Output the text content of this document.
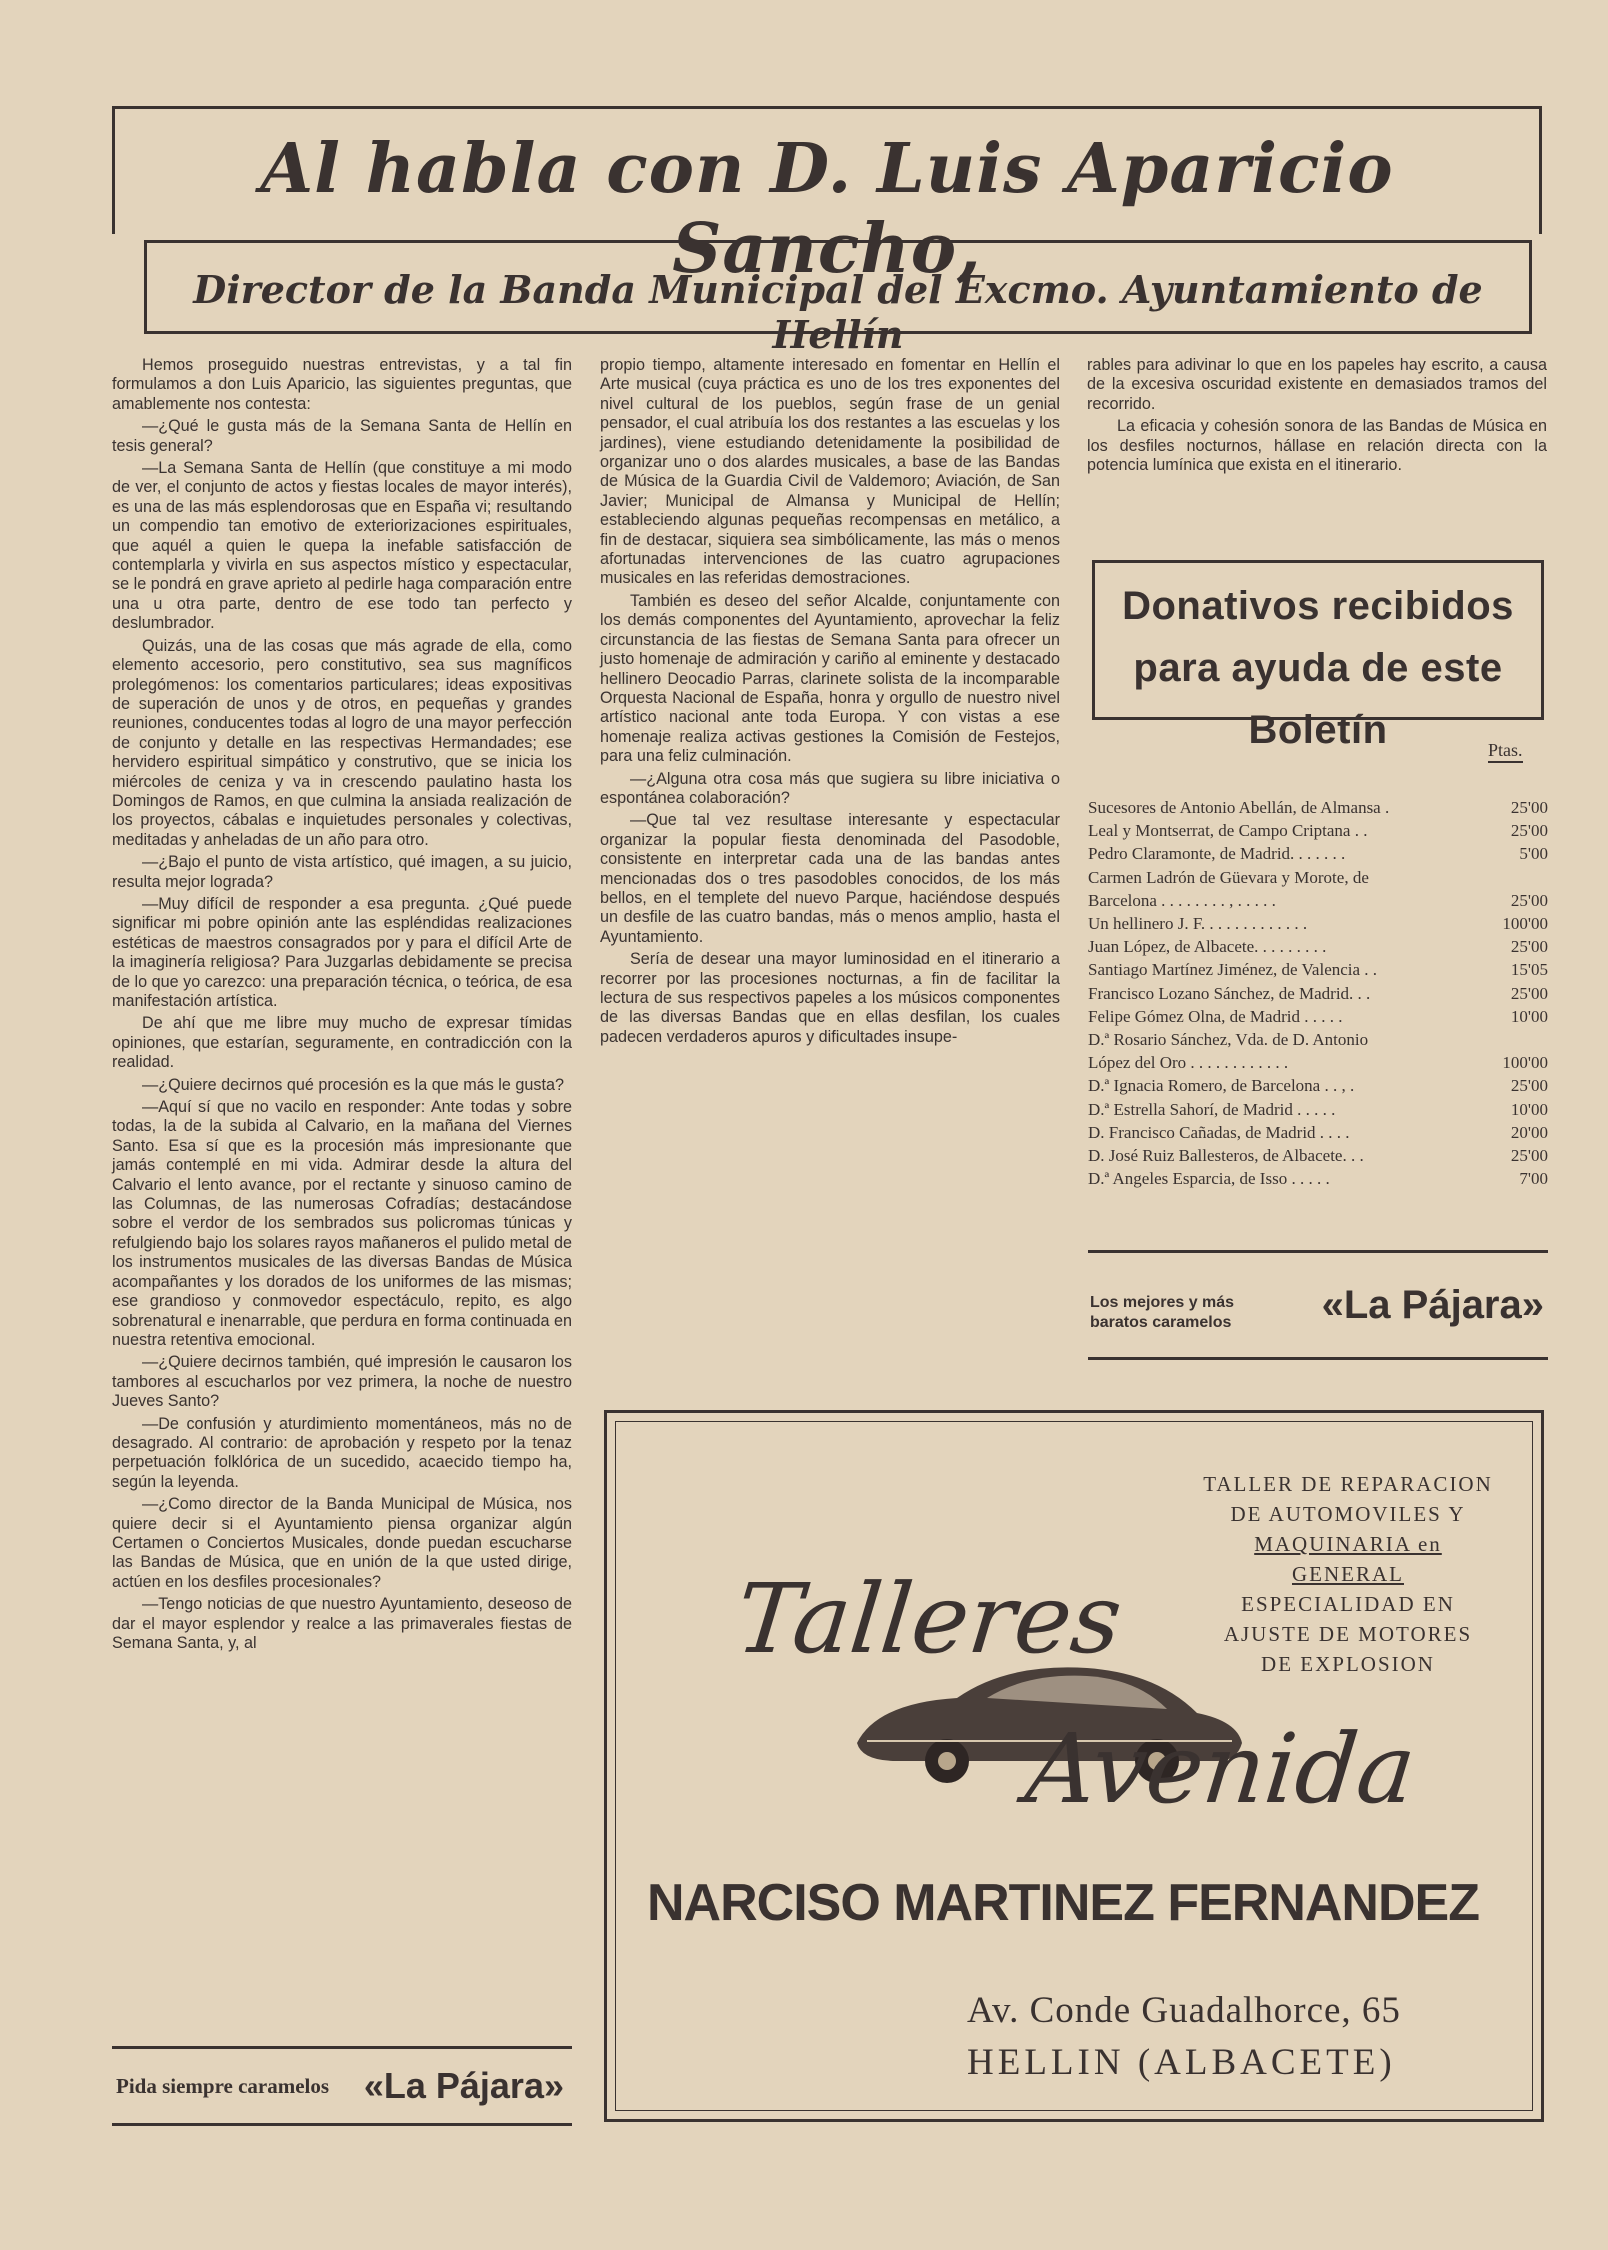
Al habla con D. Luis Aparicio Sancho,
Director de la Banda Municipal del Excmo. Ayuntamiento de Hellín

Hemos proseguido nuestras entrevistas, y a tal fin formulamos a don Luis Aparicio, las siguientes preguntas, que amablemente nos contesta:

—¿Qué le gusta más de la Semana Santa de Hellín en tesis general?

—La Semana Santa de Hellín (que constituye a mi modo de ver, el conjunto de actos y fiestas locales de mayor interés), es una de las más esplendorosas que en España vi; resultando un compendio tan emotivo de exteriorizaciones espirituales, que aquél a quien le quepa la inefable satisfacción de contemplarla y vivirla en sus aspectos místico y espectacular, se le pondrá en grave aprieto al pedirle haga comparación entre una u otra parte, dentro de ese todo tan perfecto y deslumbrador.

Quizás, una de las cosas que más agrade de ella, como elemento accesorio, pero constitutivo, sea sus magníficos prolegómenos: los comentarios particulares; ideas expositivas de superación de unos y de otros, en pequeñas y grandes reuniones, conducentes todas al logro de una mayor perfección de conjunto y detalle en las respectivas Hermandades; ese hervidero espiritual simpático y construtivo, que se inicia los miércoles de ceniza y va in crescendo paulatino hasta los Domingos de Ramos, en que culmina la ansiada realización de los proyectos, cábalas e inquietudes personales y colectivas, meditadas y anheladas de un año para otro.

—¿Bajo el punto de vista artístico, qué imagen, a su juicio, resulta mejor lograda?

—Muy difícil de responder a esa pregunta. ¿Qué puede significar mi pobre opinión ante las espléndidas realizaciones estéticas de maestros consagrados por y para el difícil Arte de la imaginería religiosa? Para Juzgarlas debidamente se precisa de lo que yo carezco: una preparación técnica, o teórica, de esa manifestación artística.

De ahí que me libre muy mucho de expresar tímidas opiniones, que estarían, seguramente, en contradicción con la realidad.

—¿Quiere decirnos qué procesión es la que más le gusta?

—Aquí sí que no vacilo en responder: Ante todas y sobre todas, la de la subida al Calvario, en la mañana del Viernes Santo. Esa sí que es la procesión más impresionante que jamás contemplé en mi vida. Admirar desde la altura del Calvario el lento avance, por el rectante y sinuoso camino de las Columnas, de las numerosas Cofradías; destacándose sobre el verdor de los sembrados sus policromas túnicas y refulgiendo bajo los solares rayos mañaneros el pulido metal de los instrumentos musicales de las diversas Bandas de Música acompañantes y los dorados de los uniformes de las mismas; ese grandioso y conmovedor espectáculo, repito, es algo sobrenatural e inenarrable, que perdura en forma continuada en nuestra retentiva emocional.

—¿Quiere decirnos también, qué impresión le causaron los tambores al escucharlos por vez primera, la noche de nuestro Jueves Santo?

—De confusión y aturdimiento momentáneos, más no de desagrado. Al contrario: de aprobación y respeto por la tenaz perpetuación folklórica de un sucedido, acaecido tiempo ha, según la leyenda.

—¿Como director de la Banda Municipal de Música, nos quiere decir si el Ayuntamiento piensa organizar algún Certamen o Conciertos Musicales, donde puedan escucharse las Bandas de Música, que en unión de la que usted dirige, actúen en los desfiles procesionales?

—Tengo noticias de que nuestro Ayuntamiento, deseoso de dar el mayor esplendor y realce a las primaverales fiestas de Semana Santa, y, al

Pida siempre caramelos «La Pájara»

propio tiempo, altamente interesado en fomentar en Hellín el Arte musical (cuya práctica es uno de los tres exponentes del nivel cultural de los pueblos, según frase de un genial pensador, el cual atribuía los dos restantes a las escuelas y los jardines), viene estudiando detenidamente la posibilidad de organizar uno o dos alardes musicales, a base de las Bandas de Música de la Guardia Civil de Valdemoro; Aviación, de San Javier; Municipal de Almansa y Municipal de Hellín; estableciendo algunas pequeñas recompensas en metálico, a fin de destacar, siquiera sea simbólicamente, las más o menos afortunadas intervenciones de las cuatro agrupaciones musicales en las referidas demostraciones.

También es deseo del señor Alcalde, conjuntamente con los demás componentes del Ayuntamiento, aprovechar la feliz circunstancia de las fiestas de Semana Santa para ofrecer un justo homenaje de admiración y cariño al eminente y destacado hellinero Deocadio Parras, clarinete solista de la incomparable Orquesta Nacional de España, honra y orgullo de nuestro nivel artístico nacional ante toda Europa. Y con vistas a ese homenaje realiza activas gestiones la Comisión de Festejos, para una feliz culminación.

—¿Alguna otra cosa más que sugiera su libre iniciativa o espontánea colaboración?

—Que tal vez resultase interesante y espectacular organizar la popular fiesta denominada del Pasodoble, consistente en interpretar cada una de las bandas antes mencionadas dos o tres pasodobles conocidos, de los más bellos, en el templete del nuevo Parque, haciéndose después un desfile de las cuatro bandas, más o menos amplio, hasta el Ayuntamiento.

Sería de desear una mayor luminosidad en el itinerario a recorrer por las procesiones nocturnas, a fin de facilitar la lectura de sus respectivos papeles a los músicos componentes de las diversas Bandas que en ellas desfilan, los cuales padecen verdaderos apuros y dificultades insupe-

rables para adivinar lo que en los papeles hay escrito, a causa de la excesiva oscuridad existente en demasiados tramos del recorrido.

La eficacia y cohesión sonora de las Bandas de Música en los desfiles nocturnos, hállase en relación directa con la potencia lumínica que exista en el itinerario.

Donativos recibidos para ayuda de este Boletín	Ptas.
Sucesores de Antonio Abellán, de Almansa .	25'00
Leal y Montserrat, de Campo Criptana . .	25'00
Pedro Claramonte, de Madrid. . . . . . .	5'00
Carmen Ladrón de Güevara y Morote, de
Barcelona . . . . . . . . , . . . . .	25'00
Un hellinero J. F. . . . . . . . . . . . .	100'00
Juan López, de Albacete. . . . . . . . .	25'00
Santiago Martínez Jiménez, de Valencia . .	15'05
Francisco Lozano Sánchez, de Madrid. . .	25'00
Felipe Gómez Olna, de Madrid . . . . .	10'00
D.ª Rosario Sánchez, Vda. de D. Antonio
López del Oro . . . . . . . . . . . .	100'00
D.ª Ignacia Romero, de Barcelona . . , .	25'00
D.ª Estrella Sahorí, de Madrid . . . . .	10'00
D. Francisco Cañadas, de Madrid . . . .	20'00
D. José Ruiz Ballesteros, de Albacete. . .	25'00
D.ª Angeles Esparcia, de Isso . . . . .	7'00
Los mejores y más baratos caramelos	«La Pájara»
TALLER DE REPARACION
DE AUTOMOVILES Y
MAQUINARIA en GENERAL
ESPECIALIDAD EN
AJUSTE DE MOTORES
DE EXPLOSION
Talleres
Avenida
NARCISO MARTINEZ FERNANDEZ
Av. Conde Guadalhorce, 65
HELLIN (ALBACETE)
